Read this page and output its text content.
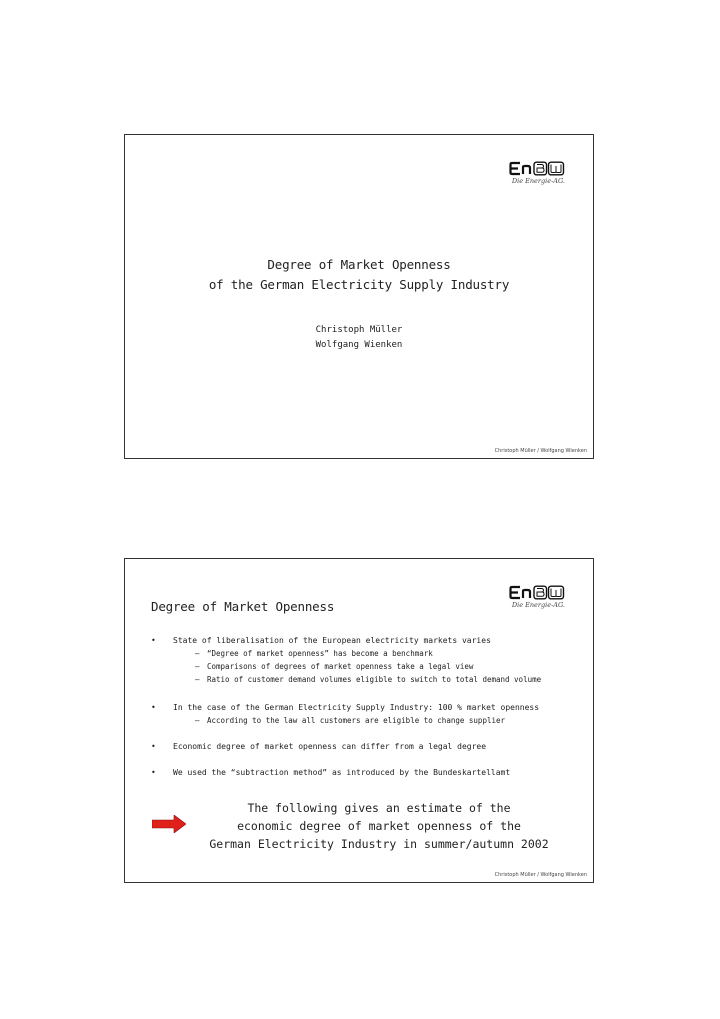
Die Energie-AG.
Degree of Market Openness
of the German Electricity Supply Industry
Christoph Müller
Wolfgang Wienken
Christoph Müller / Wolfgang Wienken
Die Energie-AG.
Degree of Market Openness
• State of liberalisation of the European electricity markets varies
– “Degree of market openness” has become a benchmark
– Comparisons of degrees of market openness take a legal view
– Ratio of customer demand volumes eligible to switch to total demand volume
• In the case of the German Electricity Supply Industry: 100 % market openness
– According to the law all customers are eligible to change supplier
• Economic degree of market openness can differ from a legal degree
• We used the “subtraction method” as introduced by the Bundeskartellamt
The following gives an estimate of the
economic degree of market openness of the
German Electricity Industry in summer/autumn 2002
Christoph Müller / Wolfgang Wienken
